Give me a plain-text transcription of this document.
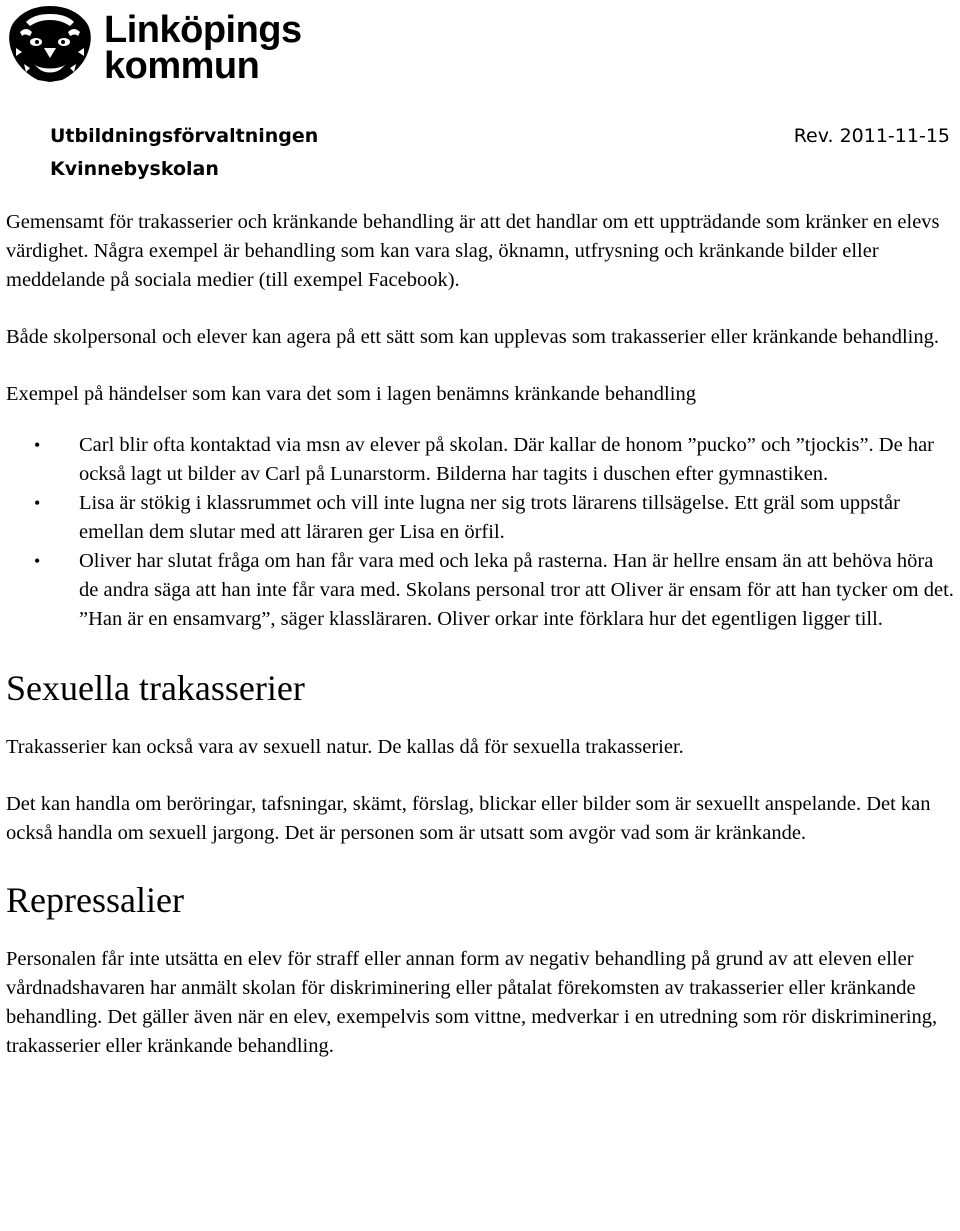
Linköpings
kommun
Utbildningsförvaltningen
Kvinnebyskolan
Rev. 2011-11-15

Gemensamt för trakasserier och kränkande behandling är att det handlar om ett uppträdande som kränker en elevs värdighet. Några exempel är behandling som kan vara slag, öknamn, utfrysning och kränkande bilder eller meddelande på sociala medier (till exempel Facebook).

Både skolpersonal och elever kan agera på ett sätt som kan upplevas som trakasserier eller kränkande behandling.

Exempel på händelser som kan vara det som i lagen benämns kränkande behandling

• Carl blir ofta kontaktad via msn av elever på skolan. Där kallar de honom ”pucko” och ”tjockis”. De har också lagt ut bilder av Carl på Lunarstorm. Bilderna har tagits i duschen efter gymnastiken.
• Lisa är stökig i klassrummet och vill inte lugna ner sig trots lärarens tillsägelse. Ett gräl som uppstår emellan dem slutar med att läraren ger Lisa en örfil.
• Oliver har slutat fråga om han får vara med och leka på rasterna. Han är hellre ensam än att behöva höra de andra säga att han inte får vara med. Skolans personal tror att Oliver är ensam för att han tycker om det. ”Han är en ensamvarg”, säger klassläraren. Oliver orkar inte förklara hur det egentligen ligger till.
Sexuella trakasserier

Trakasserier kan också vara av sexuell natur. De kallas då för sexuella trakasserier.

Det kan handla om beröringar, tafsningar, skämt, förslag, blickar eller bilder som är sexuellt anspelande. Det kan också handla om sexuell jargong. Det är personen som är utsatt som avgör vad som är kränkande.

Repressalier

Personalen får inte utsätta en elev för straff eller annan form av negativ behandling på grund av att eleven eller vårdnadshavaren har anmält skolan för diskriminering eller påtalat förekomsten av trakasserier eller kränkande behandling. Det gäller även när en elev, exempelvis som vittne, medverkar i en utredning som rör diskriminering, trakasserier eller kränkande behandling.
